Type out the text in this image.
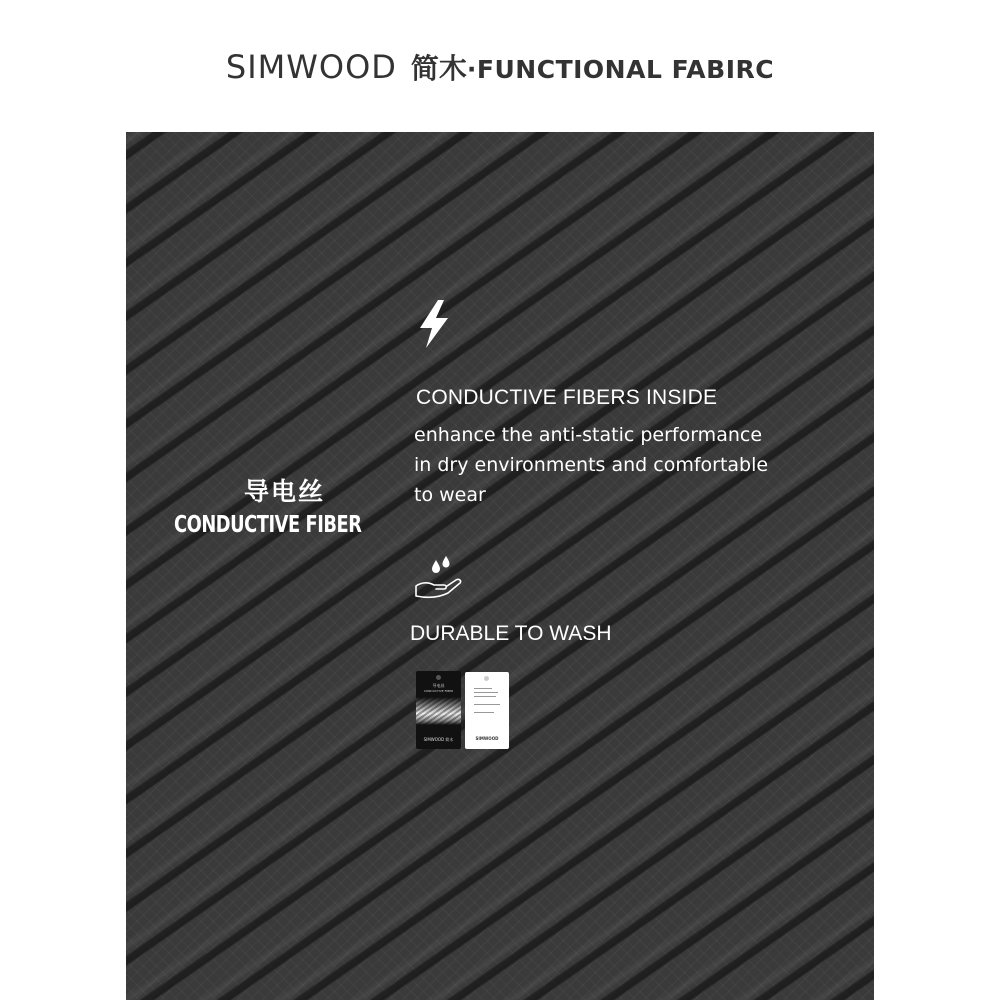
SIMWOOD 简木·FUNCTIONAL FABIRC
导电丝
CONDUCTIVE FIBER
CONDUCTIVE FIBERS INSIDE
enhance the anti-static performance
in dry environments and comfortable
to wear
DURABLE TO WASH
导电丝
CONDUCTIVE FIBER
SIMWOOD 简木	SIMWOOD
